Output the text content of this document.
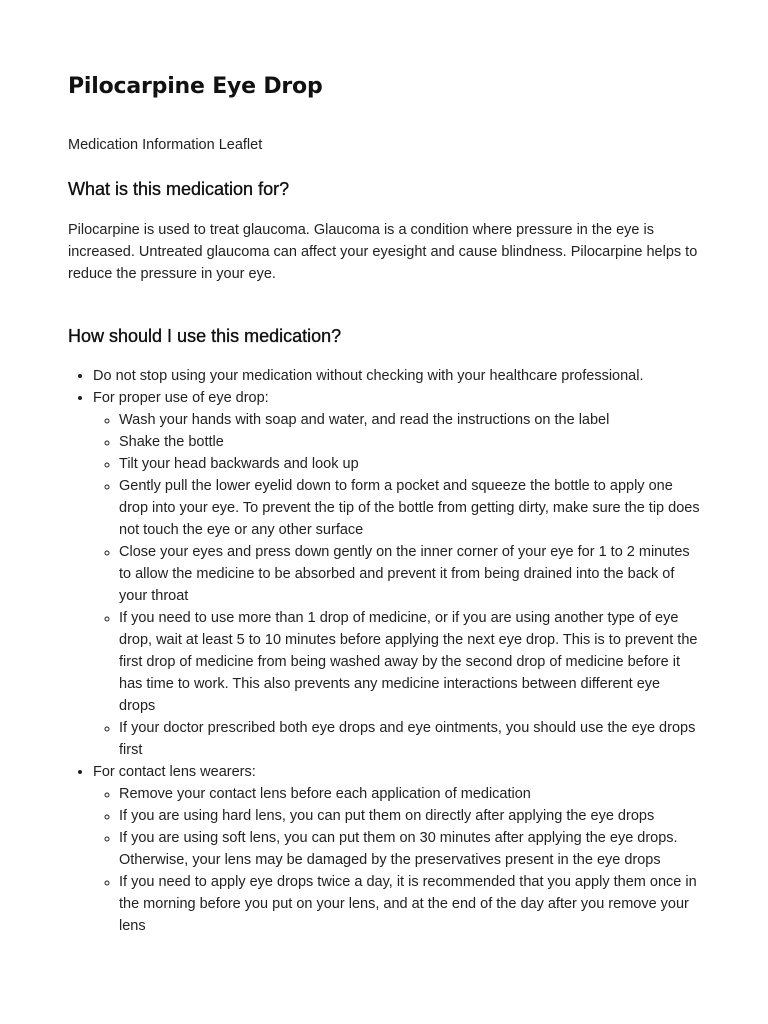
Pilocarpine Eye Drop

Medication Information Leaflet

What is this medication for?

Pilocarpine is used to treat glaucoma. Glaucoma is a condition where pressure in the eye is increased. Untreated glaucoma can affect your eyesight and cause blindness. Pilocarpine helps to reduce the pressure in your eye.

How should I use this medication?
• Do not stop using your medication without checking with your healthcare professional.
• For proper use of eye drop:
◦ Wash your hands with soap and water, and read the instructions on the label
◦ Shake the bottle
◦ Tilt your head backwards and look up
◦ Gently pull the lower eyelid down to form a pocket and squeeze the bottle to apply one drop into your eye. To prevent the tip of the bottle from getting dirty, make sure the tip does not touch the eye or any other surface
◦ Close your eyes and press down gently on the inner corner of your eye for 1 to 2 minutes to allow the medicine to be absorbed and prevent it from being drained into the back of your throat
◦ If you need to use more than 1 drop of medicine, or if you are using another type of eye drop, wait at least 5 to 10 minutes before applying the next eye drop. This is to prevent the first drop of medicine from being washed away by the second drop of medicine before it has time to work. This also prevents any medicine interactions between different eye drops
◦ If your doctor prescribed both eye drops and eye ointments, you should use the eye drops first
• For contact lens wearers:
◦ Remove your contact lens before each application of medication
◦ If you are using hard lens, you can put them on directly after applying the eye drops
◦ If you are using soft lens, you can put them on 30 minutes after applying the eye drops. Otherwise, your lens may be damaged by the preservatives present in the eye drops
◦ If you need to apply eye drops twice a day, it is recommended that you apply them once in the morning before you put on your lens, and at the end of the day after you remove your lens
